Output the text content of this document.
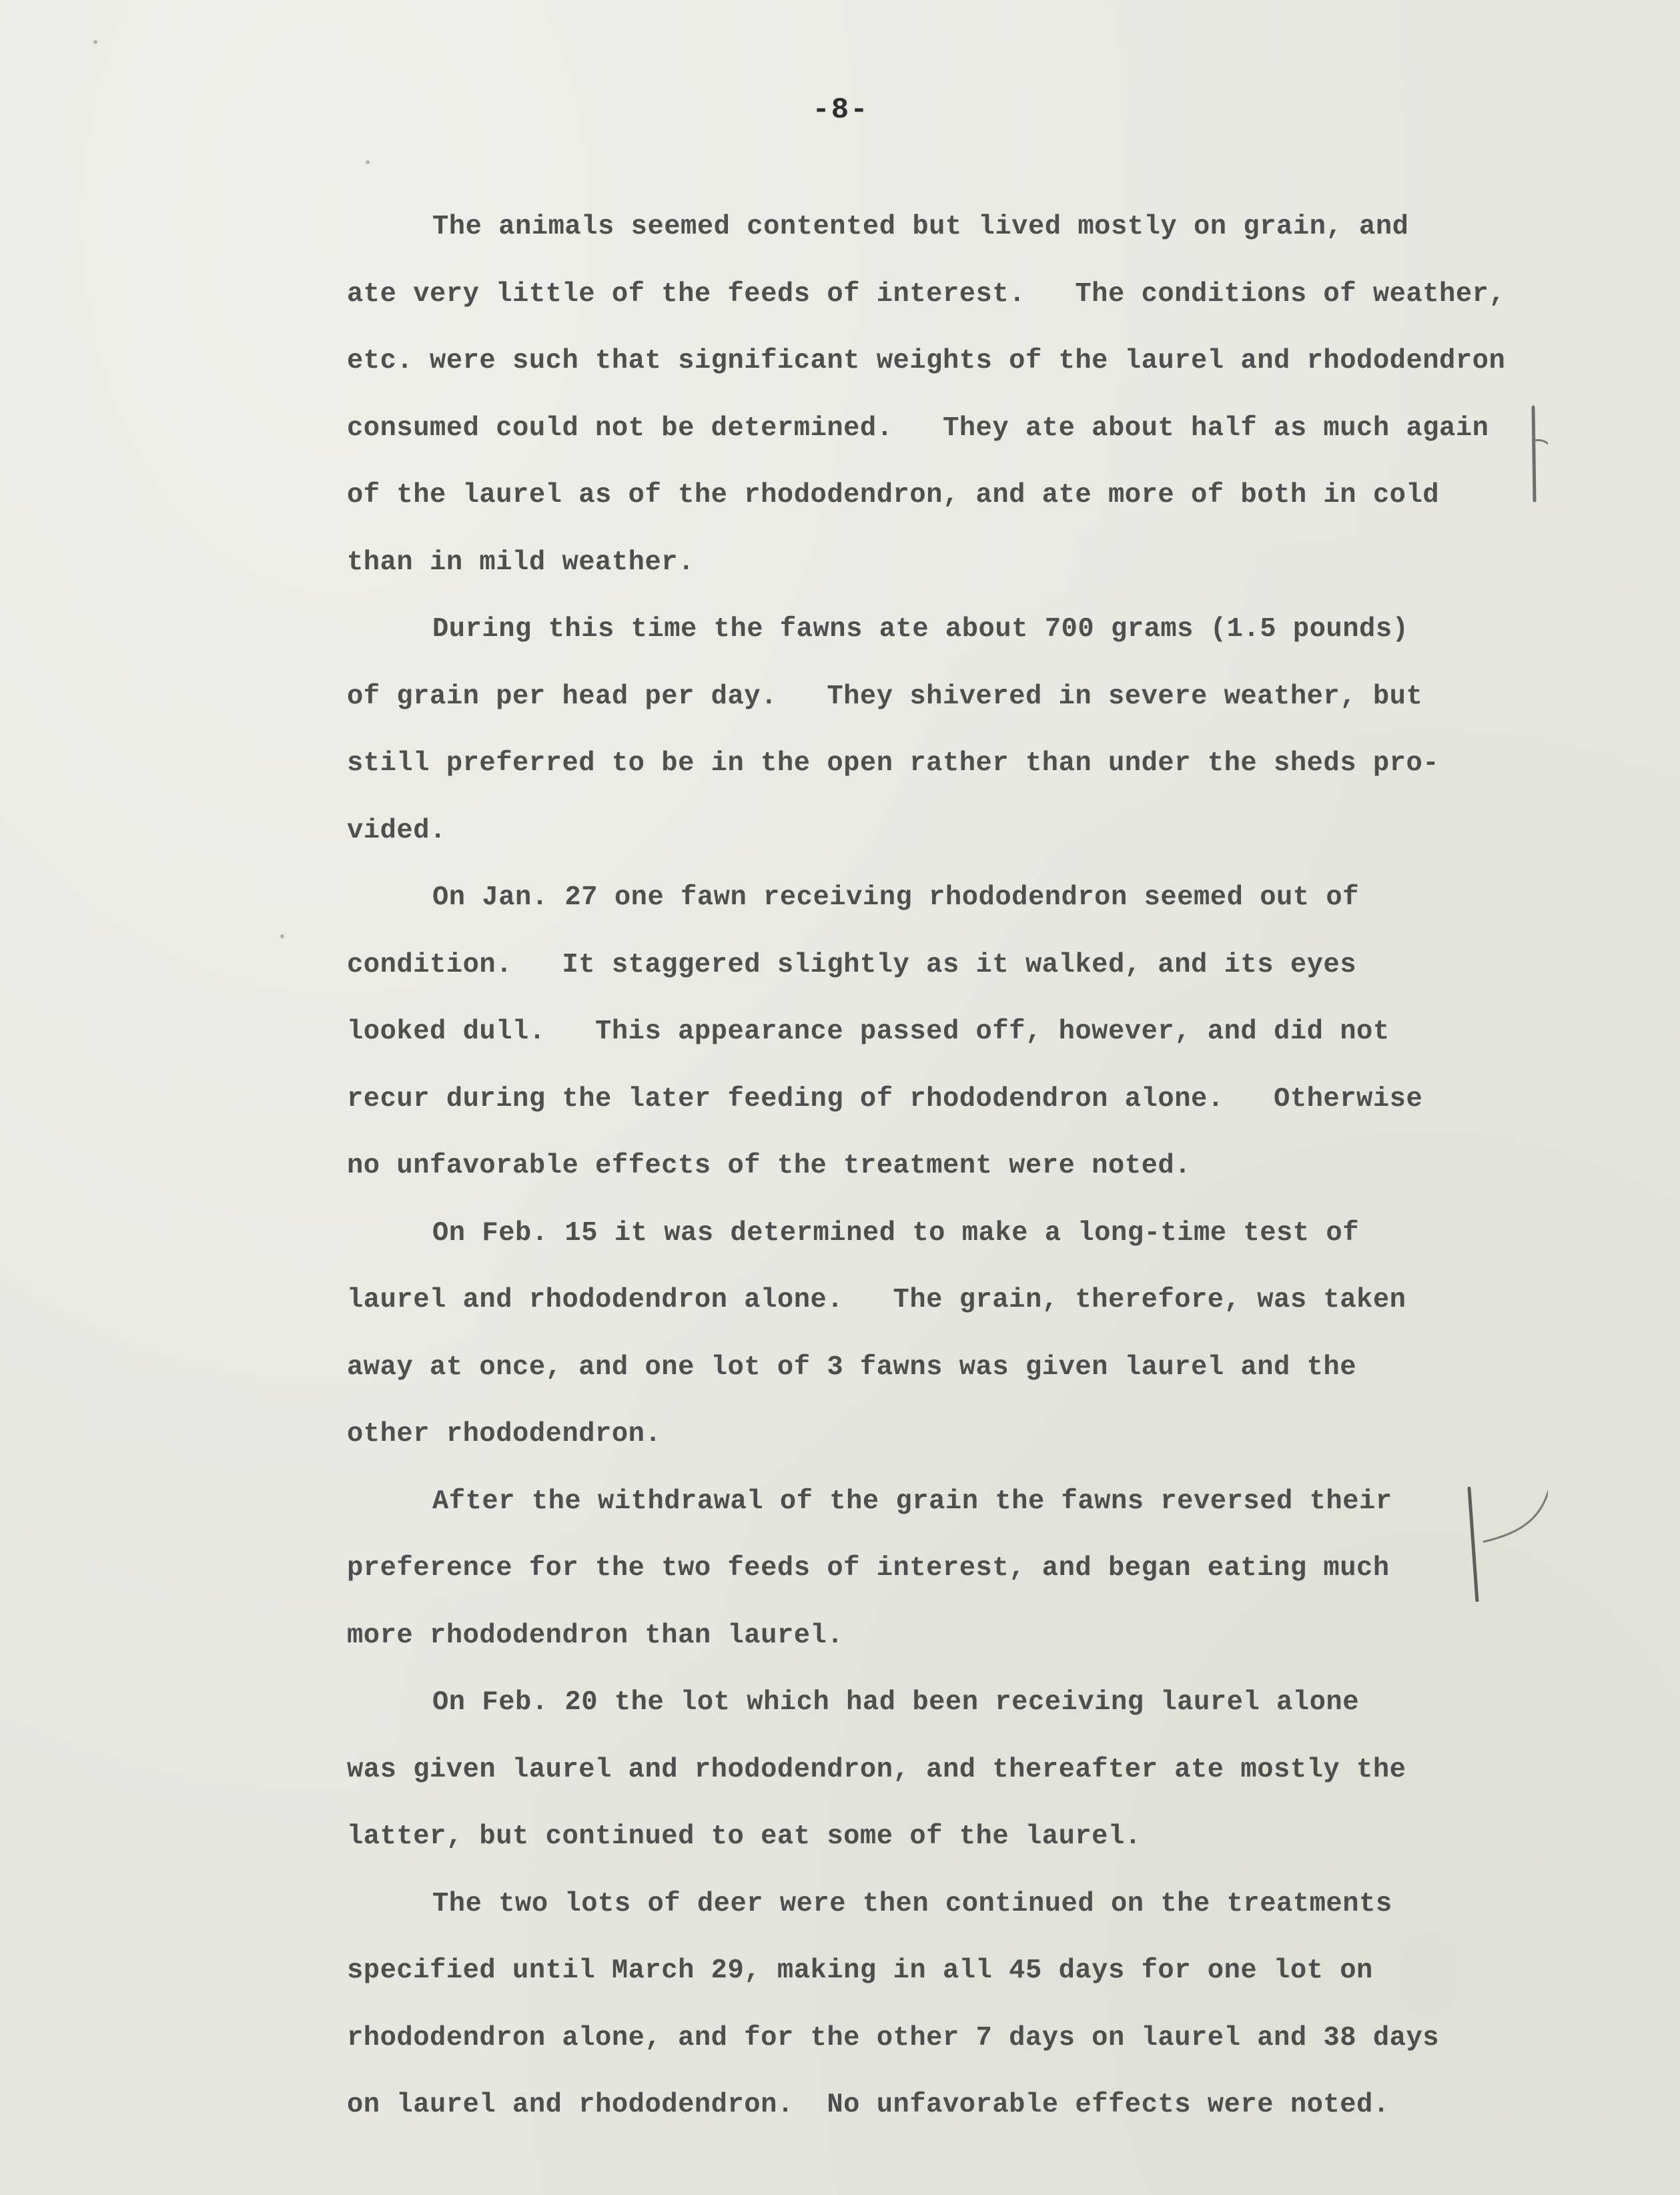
-8-
The animals seemed contented but lived mostly on grain, and
ate very little of the feeds of interest.   The conditions of weather,
etc. were such that significant weights of the laurel and rhododendron
consumed could not be determined.   They ate about half as much again
of the laurel as of the rhododendron, and ate more of both in cold
than in mild weather.
During this time the fawns ate about 700 grams (1.5 pounds)
of grain per head per day.   They shivered in severe weather, but
still preferred to be in the open rather than under the sheds pro-
vided.
On Jan. 27 one fawn receiving rhododendron seemed out of
condition.   It staggered slightly as it walked, and its eyes
looked dull.   This appearance passed off, however, and did not
recur during the later feeding of rhododendron alone.   Otherwise
no unfavorable effects of the treatment were noted.
On Feb. 15 it was determined to make a long-time test of
laurel and rhododendron alone.   The grain, therefore, was taken
away at once, and one lot of 3 fawns was given laurel and the
other rhododendron.
After the withdrawal of the grain the fawns reversed their
preference for the two feeds of interest, and began eating much
more rhododendron than laurel.
On Feb. 20 the lot which had been receiving laurel alone
was given laurel and rhododendron, and thereafter ate mostly the
latter, but continued to eat some of the laurel.
The two lots of deer were then continued on the treatments
specified until March 29, making in all 45 days for one lot on
rhododendron alone, and for the other 7 days on laurel and 38 days
on laurel and rhododendron.  No unfavorable effects were noted.
